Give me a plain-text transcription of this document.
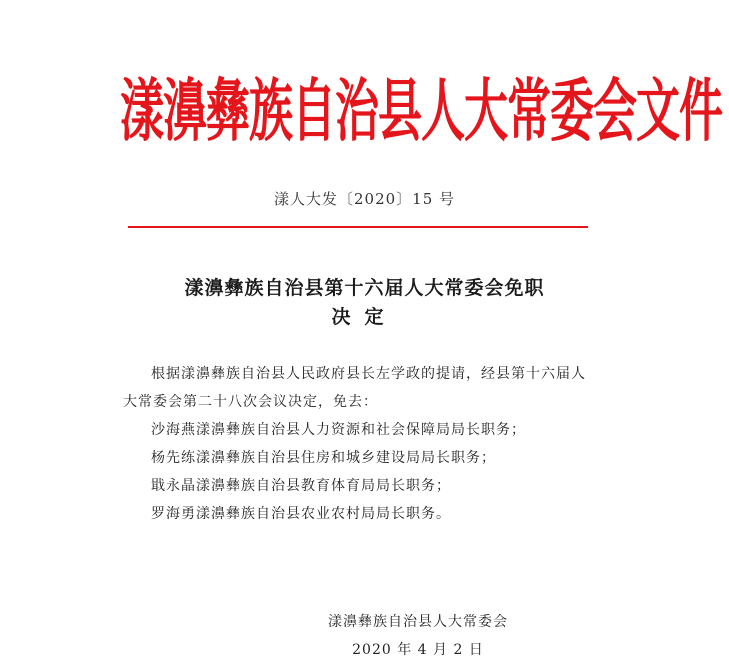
漾濞彝族自治县人大常委会文件
漾人大发〔2020〕15 号
漾濞彝族自治县第十六届人大常委会免职
决定

根据漾濞彝族自治县人民政府县长左学政的提请，经县第十六届人大常委会第二十八次会议决定，免去：

沙海燕漾濞彝族自治县人力资源和社会保障局局长职务；

杨先练漾濞彝族自治县住房和城乡建设局局长职务；

戢永晶漾濞彝族自治县教育体育局局长职务；

罗海勇漾濞彝族自治县农业农村局局长职务。

漾濞彝族自治县人大常委会
2020 年 4 月 2 日
